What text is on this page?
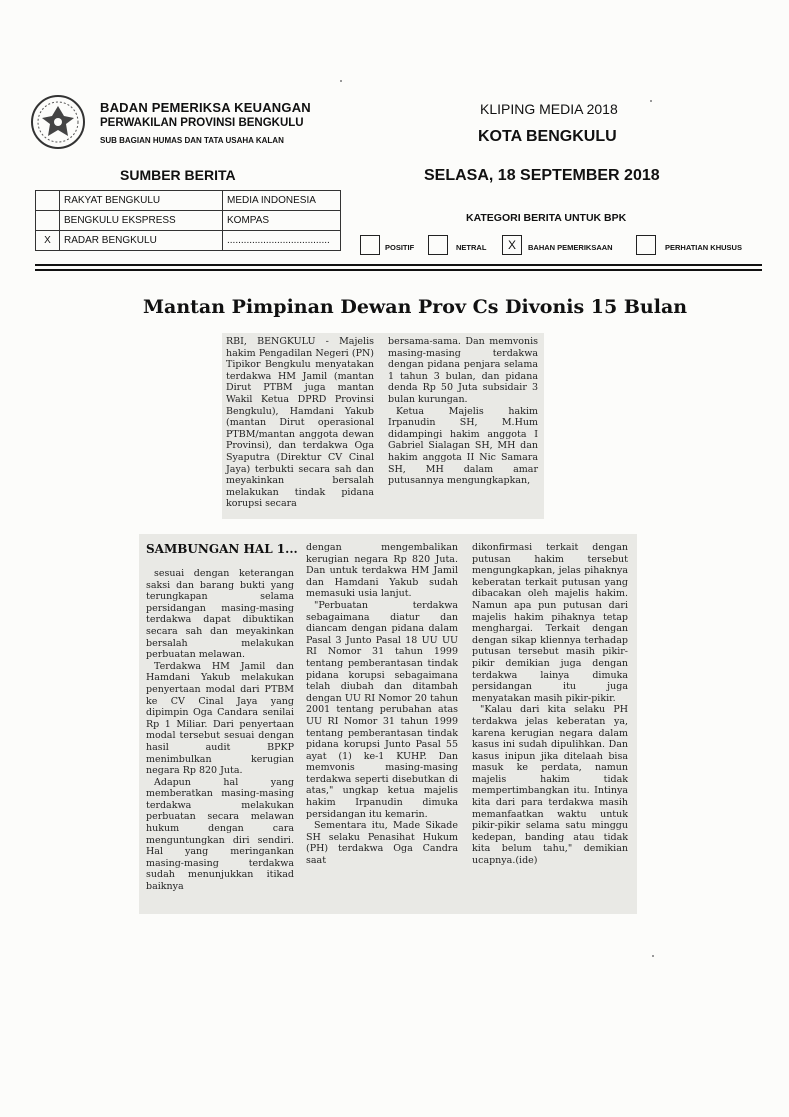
BADAN PEMERIKSA KEUANGAN
PERWAKILAN PROVINSI BENGKULU
SUB BAGIAN HUMAS DAN TATA USAHA KALAN
KLIPING MEDIA 2018
KOTA BENGKULU
SUMBER BERITA	SELASA, 18 SEPTEMBER 2018
	RAKYAT BENGKULU	MEDIA INDONESIA
	BENGKULU EKSPRESS	KOMPAS
X	RADAR BENGKULU	.....................................
KATEGORI BERITA UNTUK BPK
POSITIF	NETRAL	X	BAHAN PEMERIKSAAN	PERHATIAN KHUSUS
Mantan Pimpinan Dewan Prov Cs Divonis 15 Bulan

RBI, BENGKULU - Majelis hakim Pengadilan Negeri (PN) Tipikor Bengkulu menyatakan terdakwa HM Jamil (mantan Dirut PTBM juga mantan Wakil Ketua DPRD Provinsi Bengkulu), Hamdani Yakub (mantan Dirut operasional PTBM/mantan anggota dewan Provinsi), dan terdakwa Oga Syaputra (Direktur CV Cinal Jaya) terbukti secara sah dan meyakinkan bersalah melakukan tindak pidana korupsi secara

bersama-sama. Dan memvonis masing-masing terdakwa dengan pidana penjara selama 1 tahun 3 bulan, dan pidana denda Rp 50 Juta subsidair 3 bulan kurungan.

Ketua Majelis hakim Irpanudin SH, M.Hum didampingi hakim anggota I Gabriel Sialagan SH, MH dan hakim anggota II Nic Samara SH, MH dalam amar putusannya mengungkapkan,

SAMBUNGAN HAL 1...

sesuai dengan keterangan saksi dan barang bukti yang terungkapan selama persidangan masing-masing terdakwa dapat dibuktikan secara sah dan meyakinkan bersalah melakukan perbuatan melawan.

Terdakwa HM Jamil dan Hamdani Yakub melakukan penyertaan modal dari PTBM ke CV Cinal Jaya yang dipimpin Oga Candara senilai Rp 1 Miliar. Dari penyertaan modal tersebut sesuai dengan hasil audit BPKP menimbulkan kerugian negara Rp 820 Juta.

Adapun hal yang memberatkan masing-masing terdakwa melakukan perbuatan secara melawan hukum dengan cara menguntungkan diri sendiri. Hal yang meringankan masing-masing terdakwa sudah menunjukkan itikad baiknya

dengan mengembalikan kerugian negara Rp 820 Juta. Dan untuk terdakwa HM Jamil dan Hamdani Yakub sudah memasuki usia lanjut.

"Perbuatan terdakwa sebagaimana diatur dan diancam dengan pidana dalam Pasal 3 Junto Pasal 18 UU UU RI Nomor 31 tahun 1999 tentang pemberantasan tindak pidana korupsi sebagaimana telah diubah dan ditambah dengan UU RI Nomor 20 tahun 2001 tentang perubahan atas UU RI Nomor 31 tahun 1999 tentang pemberantasan tindak pidana korupsi Junto Pasal 55 ayat (1) ke-1 KUHP. Dan memvonis masing-masing terdakwa seperti disebutkan di atas," ungkap ketua majelis hakim Irpanudin dimuka persidangan itu kemarin.

Sementara itu, Made Sikade SH selaku Penasihat Hukum (PH) terdakwa Oga Candra saat

dikonfirmasi terkait dengan putusan hakim tersebut mengungkapkan, jelas pihaknya keberatan terkait putusan yang dibacakan oleh majelis hakim. Namun apa pun putusan dari majelis hakim pihaknya tetap menghargai. Terkait dengan dengan sikap kliennya terhadap putusan tersebut masih pikir-pikir demikian juga dengan terdakwa lainya dimuka persidangan itu juga menyatakan masih pikir-pikir.

"Kalau dari kita selaku PH terdakwa jelas keberatan ya, karena kerugian negara dalam kasus ini sudah dipulihkan. Dan kasus inipun jika ditelaah bisa masuk ke perdata, namun majelis hakim tidak mempertimbangkan itu. Intinya kita dari para terdakwa masih memanfaatkan waktu untuk pikir-pikir selama satu minggu kedepan, banding atau tidak kita belum tahu," demikian ucapnya.(ide)
